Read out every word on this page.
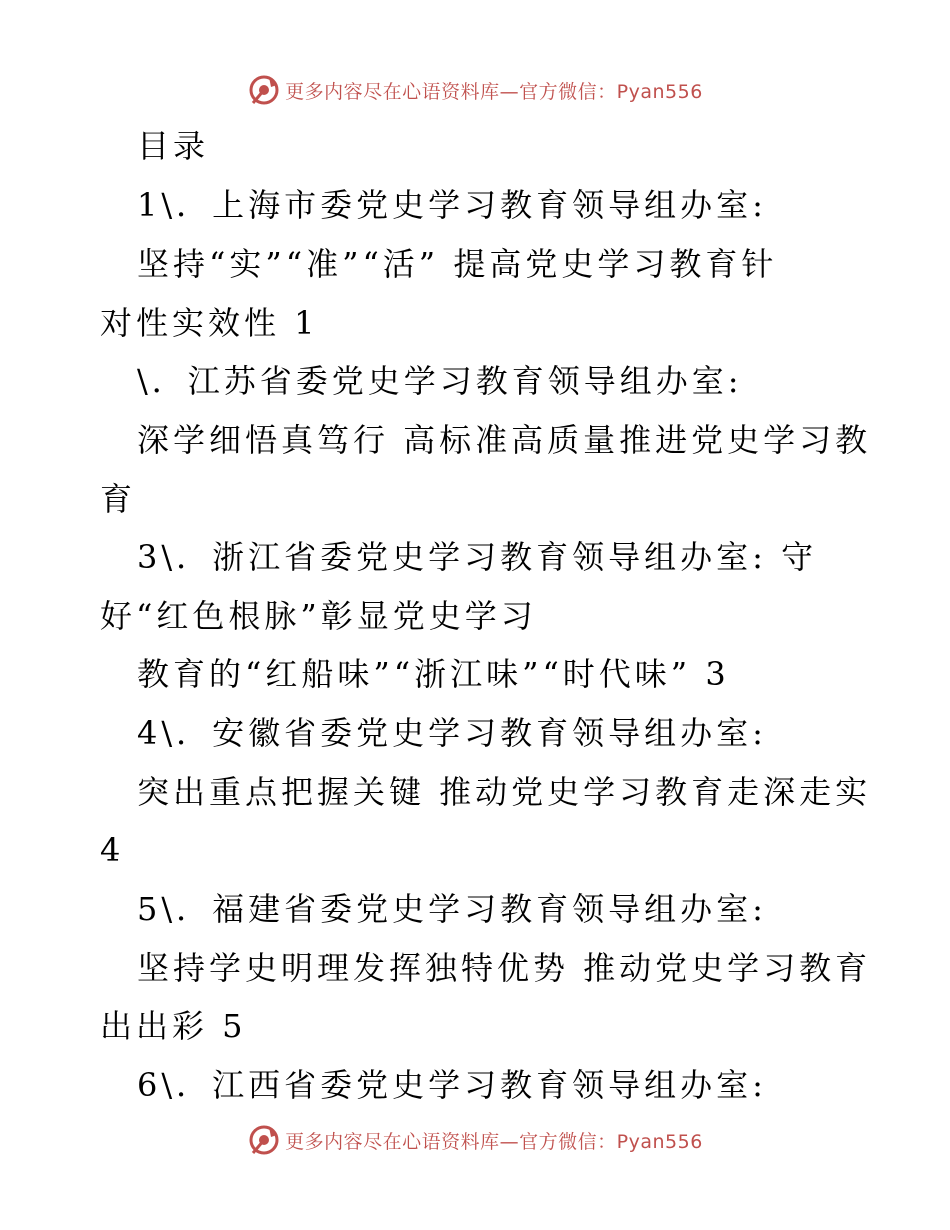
更多内容尽在心语资料库—官方微信：Pyan556
目录
1\．上海市委党史学习教育领导组办室:
坚持“实”“准”“活” 提高党史学习教育针
对性实效性 1
\．江苏省委党史学习教育领导组办室:
深学细悟真笃行 高标准高质量推进党史学习教
育
3\．浙江省委党史学习教育领导组办室: 守
好“红色根脉”彰显党史学习
教育的“红船味”“浙江味”“时代味” 3
4\．安徽省委党史学习教育领导组办室:
突出重点把握关键 推动党史学习教育走深走实
4
5\．福建省委党史学习教育领导组办室:
坚持学史明理发挥独特优势 推动党史学习教育
出出彩 5
6\．江西省委党史学习教育领导组办室:
更多内容尽在心语资料库—官方微信：Pyan556
